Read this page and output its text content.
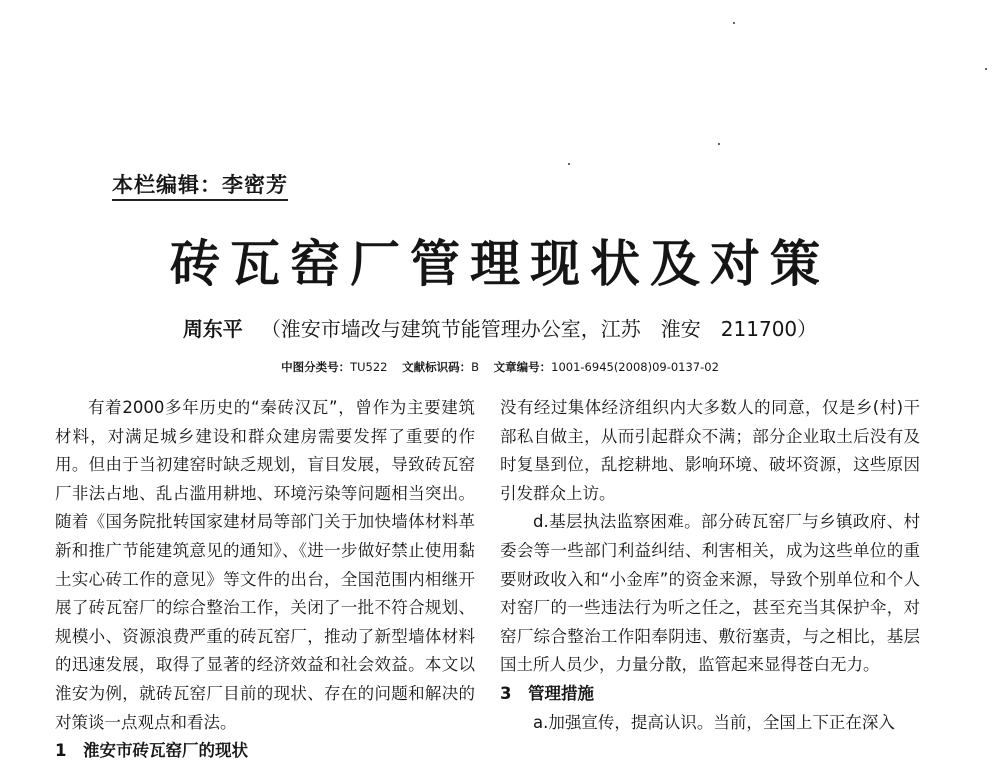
本栏编辑：李密芳
砖瓦窑厂管理现状及对策
周东平 （淮安市墙改与建筑节能管理办公室，江苏　淮安　211700）
中图分类号：TU522 文献标识码：B 文章编号：1001-6945(2008)09-0137-02

有着2000多年历史的“秦砖汉瓦”，曾作为主要建筑材料，对满足城乡建设和群众建房需要发挥了重要的作用。但由于当初建窑时缺乏规划，盲目发展，导致砖瓦窑厂非法占地、乱占滥用耕地、环境污染等问题相当突出。随着《国务院批转国家建材局等部门关于加快墙体材料革新和推广节能建筑意见的通知》、《进一步做好禁止使用黏土实心砖工作的意见》等文件的出台，全国范围内相继开展了砖瓦窑厂的综合整治工作，关闭了一批不符合规划、规模小、资源浪费严重的砖瓦窑厂，推动了新型墙体材料的迅速发展，取得了显著的经济效益和社会效益。本文以淮安为例，就砖瓦窑厂目前的现状、存在的问题和解决的对策谈一点观点和看法。

1　淮安市砖瓦窑厂的现状

没有经过集体经济组织内大多数人的同意，仅是乡(村)干部私自做主，从而引起群众不满；部分企业取土后没有及时复垦到位，乱挖耕地、影响环境、破坏资源，这些原因引发群众上访。

d.基层执法监察困难。部分砖瓦窑厂与乡镇政府、村委会等一些部门利益纠结、利害相关，成为这些单位的重要财政收入和“小金库”的资金来源，导致个别单位和个人对窑厂的一些违法行为听之任之，甚至充当其保护伞，对窑厂综合整治工作阳奉阴违、敷衍塞责，与之相比，基层国土所人员少，力量分散，监管起来显得苍白无力。

3　管理措施

a.加强宣传，提高认识。当前，全国上下正在深入
